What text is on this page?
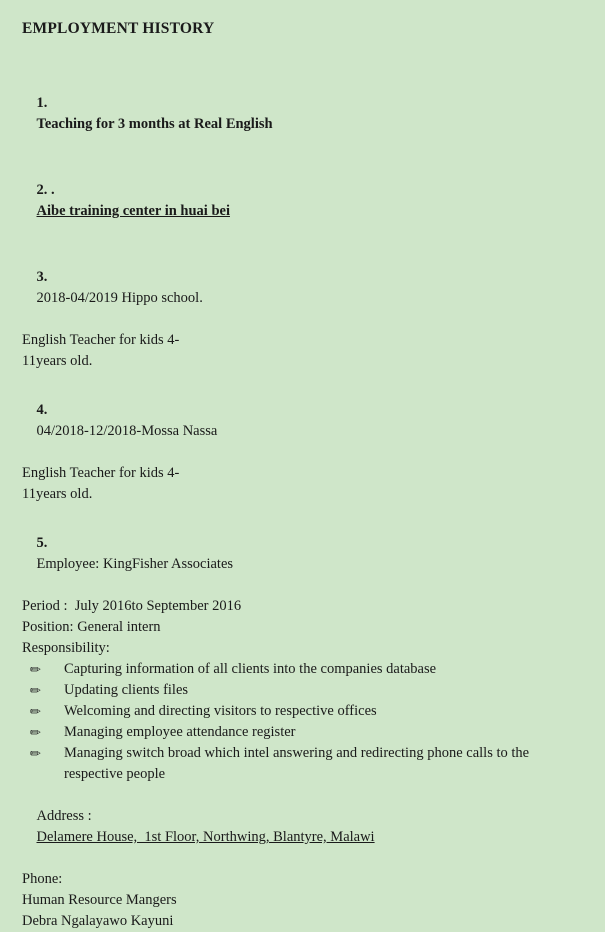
EMPLOYMENT HISTORY

1.
Teaching for 3 months at Real English

2. .
Aibe training center in huai bei

3.
2018-04/2019 Hippo school.

English Teacher for kids 4-
11years old.

4.
04/2018-12/2018-Mossa Nassa

English Teacher for kids 4-
11years old.

5.
Employee: KingFisher Associates

Period :  July 2016to September 2016
Position: General intern
Responsibility:
✎	Capturing information of all clients into the companies database
✎	Updating clients files
✎	Welcoming and directing visitors to respective offices
✎	Managing employee attendance register
✎	Managing switch broad which intel answering and redirecting phone calls to the respective people

Address :
Delamere House,  1st Floor, Northwing, Blantyre, Malawi

Phone:
Human Resource Mangers
Debra Ngalayawo Kayuni
